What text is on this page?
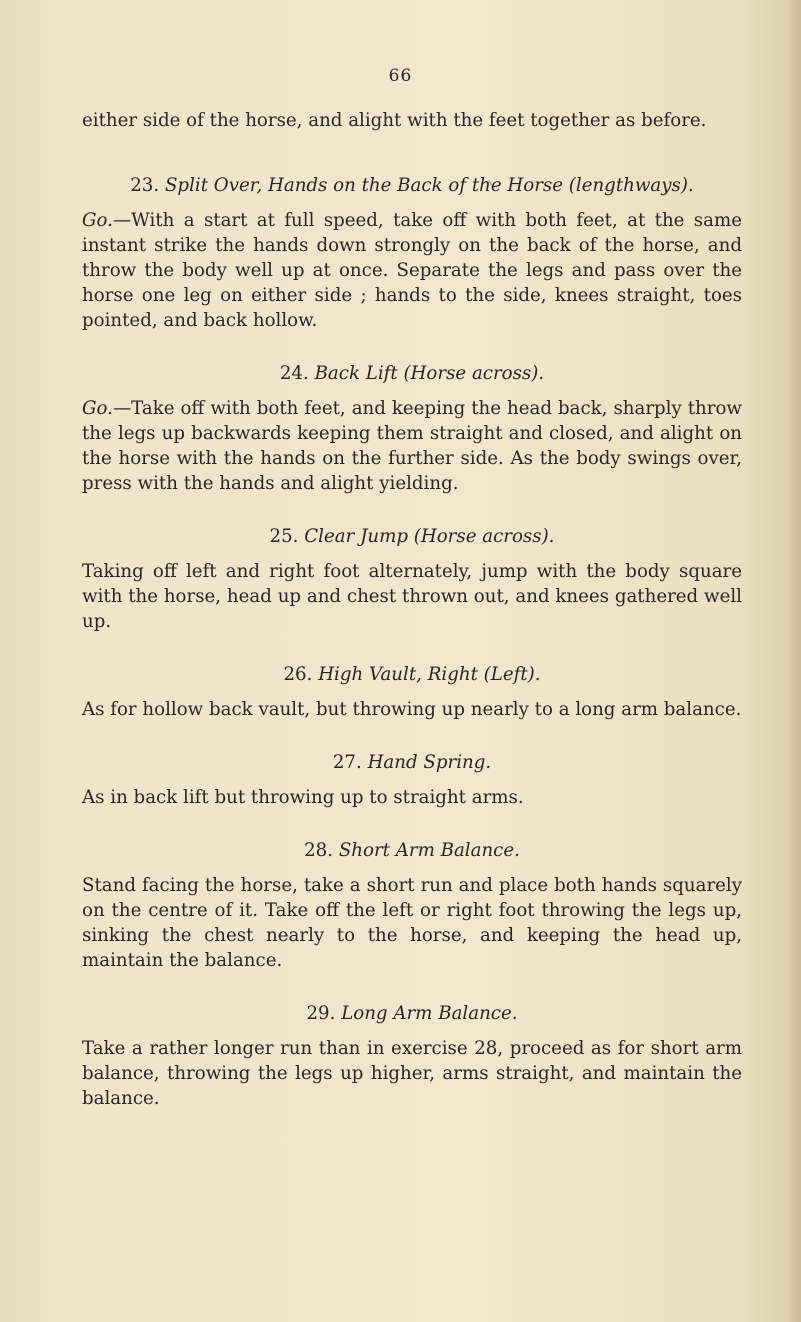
66

either side of the horse, and alight with the feet together as before.

23. Split Over, Hands on the Back of the Horse (lengthways).

Go.—With a start at full speed, take off with both feet, at the same instant strike the hands down strongly on the back of the horse, and throw the body well up at once. Separate the legs and pass over the horse one leg on either side ; hands to the side, knees straight, toes pointed, and back hollow.

24. Back Lift (Horse across).

Go.—Take off with both feet, and keeping the head back, sharply throw the legs up backwards keeping them straight and closed, and alight on the horse with the hands on the further side. As the body swings over, press with the hands and alight yielding.

25. Clear Jump (Horse across).

Taking off left and right foot alternately, jump with the body square with the horse, head up and chest thrown out, and knees gathered well up.

26. High Vault, Right (Left).

As for hollow back vault, but throwing up nearly to a long arm balance.

27. Hand Spring.

As in back lift but throwing up to straight arms.

28. Short Arm Balance.

Stand facing the horse, take a short run and place both hands squarely on the centre of it. Take off the left or right foot throwing the legs up, sinking the chest nearly to the horse, and keeping the head up, maintain the balance.

29. Long Arm Balance.

Take a rather longer run than in exercise 28, proceed as for short arm balance, throwing the legs up higher, arms straight, and maintain the balance.
